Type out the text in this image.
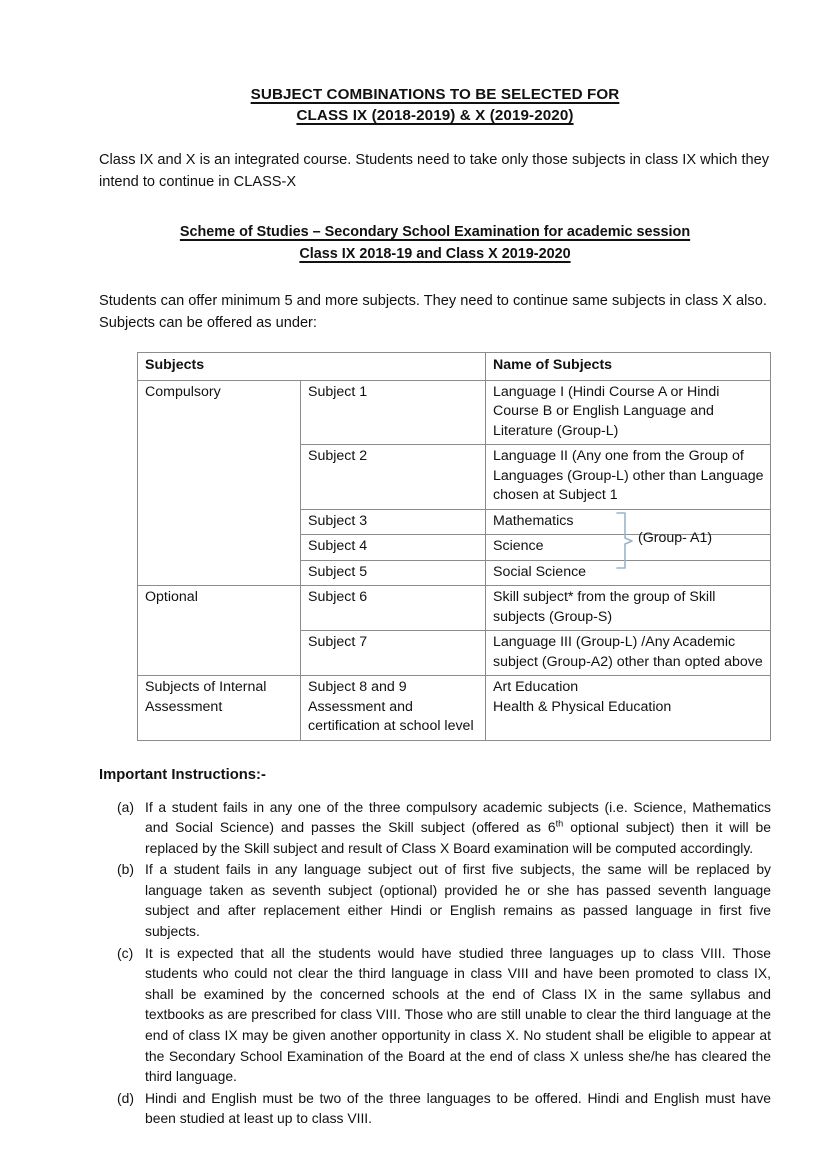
SUBJECT COMBINATIONS TO BE SELECTED FOR
CLASS IX (2018-2019) & X (2019-2020)

Class IX and X is an integrated course. Students need to take only those subjects in class IX which they intend to continue in CLASS-X

Scheme of Studies – Secondary School Examination for academic session
Class IX 2018-19 and Class X 2019-2020

Students can offer minimum 5 and more subjects. They need to continue same subjects in class X also. Subjects can be offered as under:

Subjects		Name of Subjects
Compulsory	Subject 1	Language I (Hindi Course A or Hindi Course B or English Language and Literature (Group-L)
	Subject 2	Language II (Any one from the Group of Languages (Group-L) other than Language chosen at Subject 1
	Subject 3	Mathematics
(Group- A1)

	Subject 4	Science
	Subject 5	Social Science
Optional	Subject 6	Skill subject* from the group of Skill subjects (Group-S)
	Subject 7	Language III (Group-L) /Any Academic subject (Group-A2) other than opted above
Subjects of Internal Assessment	Subject 8 and 9 Assessment and certification at school level	Art Education
Health & Physical Education

Important Instructions:-

(a) If a student fails in any one of the three compulsory academic subjects (i.e. Science, Mathematics and Social Science) and passes the Skill subject (offered as 6th optional subject) then it will be replaced by the Skill subject and result of Class X Board examination will be computed accordingly.
(b) If a student fails in any language subject out of first five subjects, the same will be replaced by language taken as seventh subject (optional) provided he or she has passed seventh language subject and after replacement either Hindi or English remains as passed language in first five subjects.
(c) It is expected that all the students would have studied three languages up to class VIII. Those students who could not clear the third language in class VIII and have been promoted to class IX, shall be examined by the concerned schools at the end of Class IX in the same syllabus and textbooks as are prescribed for class VIII. Those who are still unable to clear the third language at the end of class IX may be given another opportunity in class X. No student shall be eligible to appear at the Secondary School Examination of the Board at the end of class X unless she/he has cleared the third language.
(d) Hindi and English must be two of the three languages to be offered. Hindi and English must have been studied at least up to class VIII.
